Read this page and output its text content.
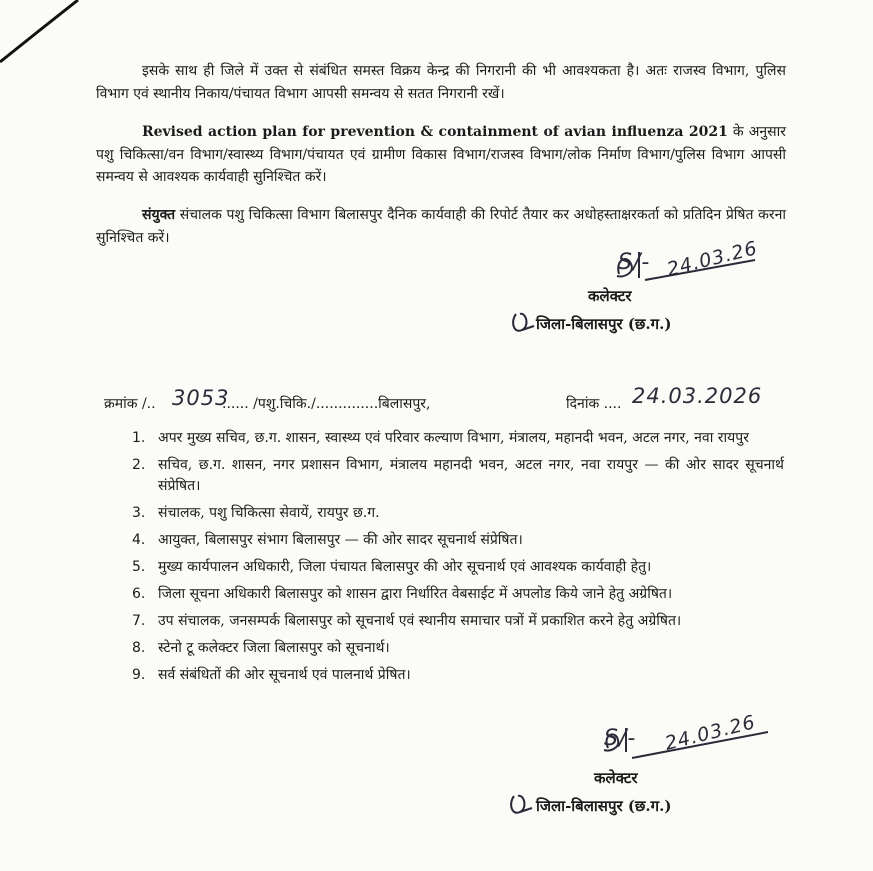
इसके साथ ही जिले में उक्त से संबंधित समस्त विक्रय केन्द्र की निगरानी की भी आवश्यकता है। अतः राजस्व विभाग, पुलिस विभाग एवं स्थानीय निकाय/पंचायत विभाग आपसी समन्वय से सतत निगरानी रखें।
Revised action plan for prevention & containment of avian influenza 2021 के अनुसार पशु चिकित्सा/वन विभाग/स्वास्थ्य विभाग/पंचायत एवं ग्रामीण विकास विभाग/राजस्व विभाग/लोक निर्माण विभाग/पुलिस विभाग आपसी समन्वय से आवश्यक कार्यवाही सुनिश्चित करें।
संयुक्त संचालक पशु चिकित्सा विभाग बिलासपुर दैनिक कार्यवाही की रिपोर्ट तैयार कर अधोहस्ताक्षरकर्ता को प्रतिदिन प्रेषित करना सुनिश्चित करें।
S/- 24.03.26
कलेक्टर
जिला-बिलासपुर (छ.ग.)
क्रमांक /.. 3053
...... /पशु.चिकि./..............बिलासपुर,	दिनांक .... 24.03.2026
1. अपर मुख्य सचिव, छ.ग. शासन, स्वास्थ्य एवं परिवार कल्याण विभाग, मंत्रालय, महानदी भवन, अटल नगर, नवा रायपुर
2. सचिव, छ.ग. शासन, नगर प्रशासन विभाग, मंत्रालय महानदी भवन, अटल नगर, नवा रायपुर — की ओर सादर सूचनार्थ संप्रेषित।
3. संचालक, पशु चिकित्सा सेवायें, रायपुर छ.ग.
4. आयुक्त, बिलासपुर संभाग बिलासपुर — की ओर सादर सूचनार्थ संप्रेषित।
5. मुख्य कार्यपालन अधिकारी, जिला पंचायत बिलासपुर की ओर सूचनार्थ एवं आवश्यक कार्यवाही हेतु।
6. जिला सूचना अधिकारी बिलासपुर को शासन द्वारा निर्धारित वेबसाईट में अपलोड किये जाने हेतु अग्रेषित।
7. उप संचालक, जनसम्पर्क बिलासपुर को सूचनार्थ एवं स्थानीय समाचार पत्रों में प्रकाशित करने हेतु अग्रेषित।
8. स्टेनो टू कलेक्टर जिला बिलासपुर को सूचनार्थ।
9. सर्व संबंधितों की ओर सूचनार्थ एवं पालनार्थ प्रेषित।
S/- 24.03.26
कलेक्टर
जिला-बिलासपुर (छ.ग.)
